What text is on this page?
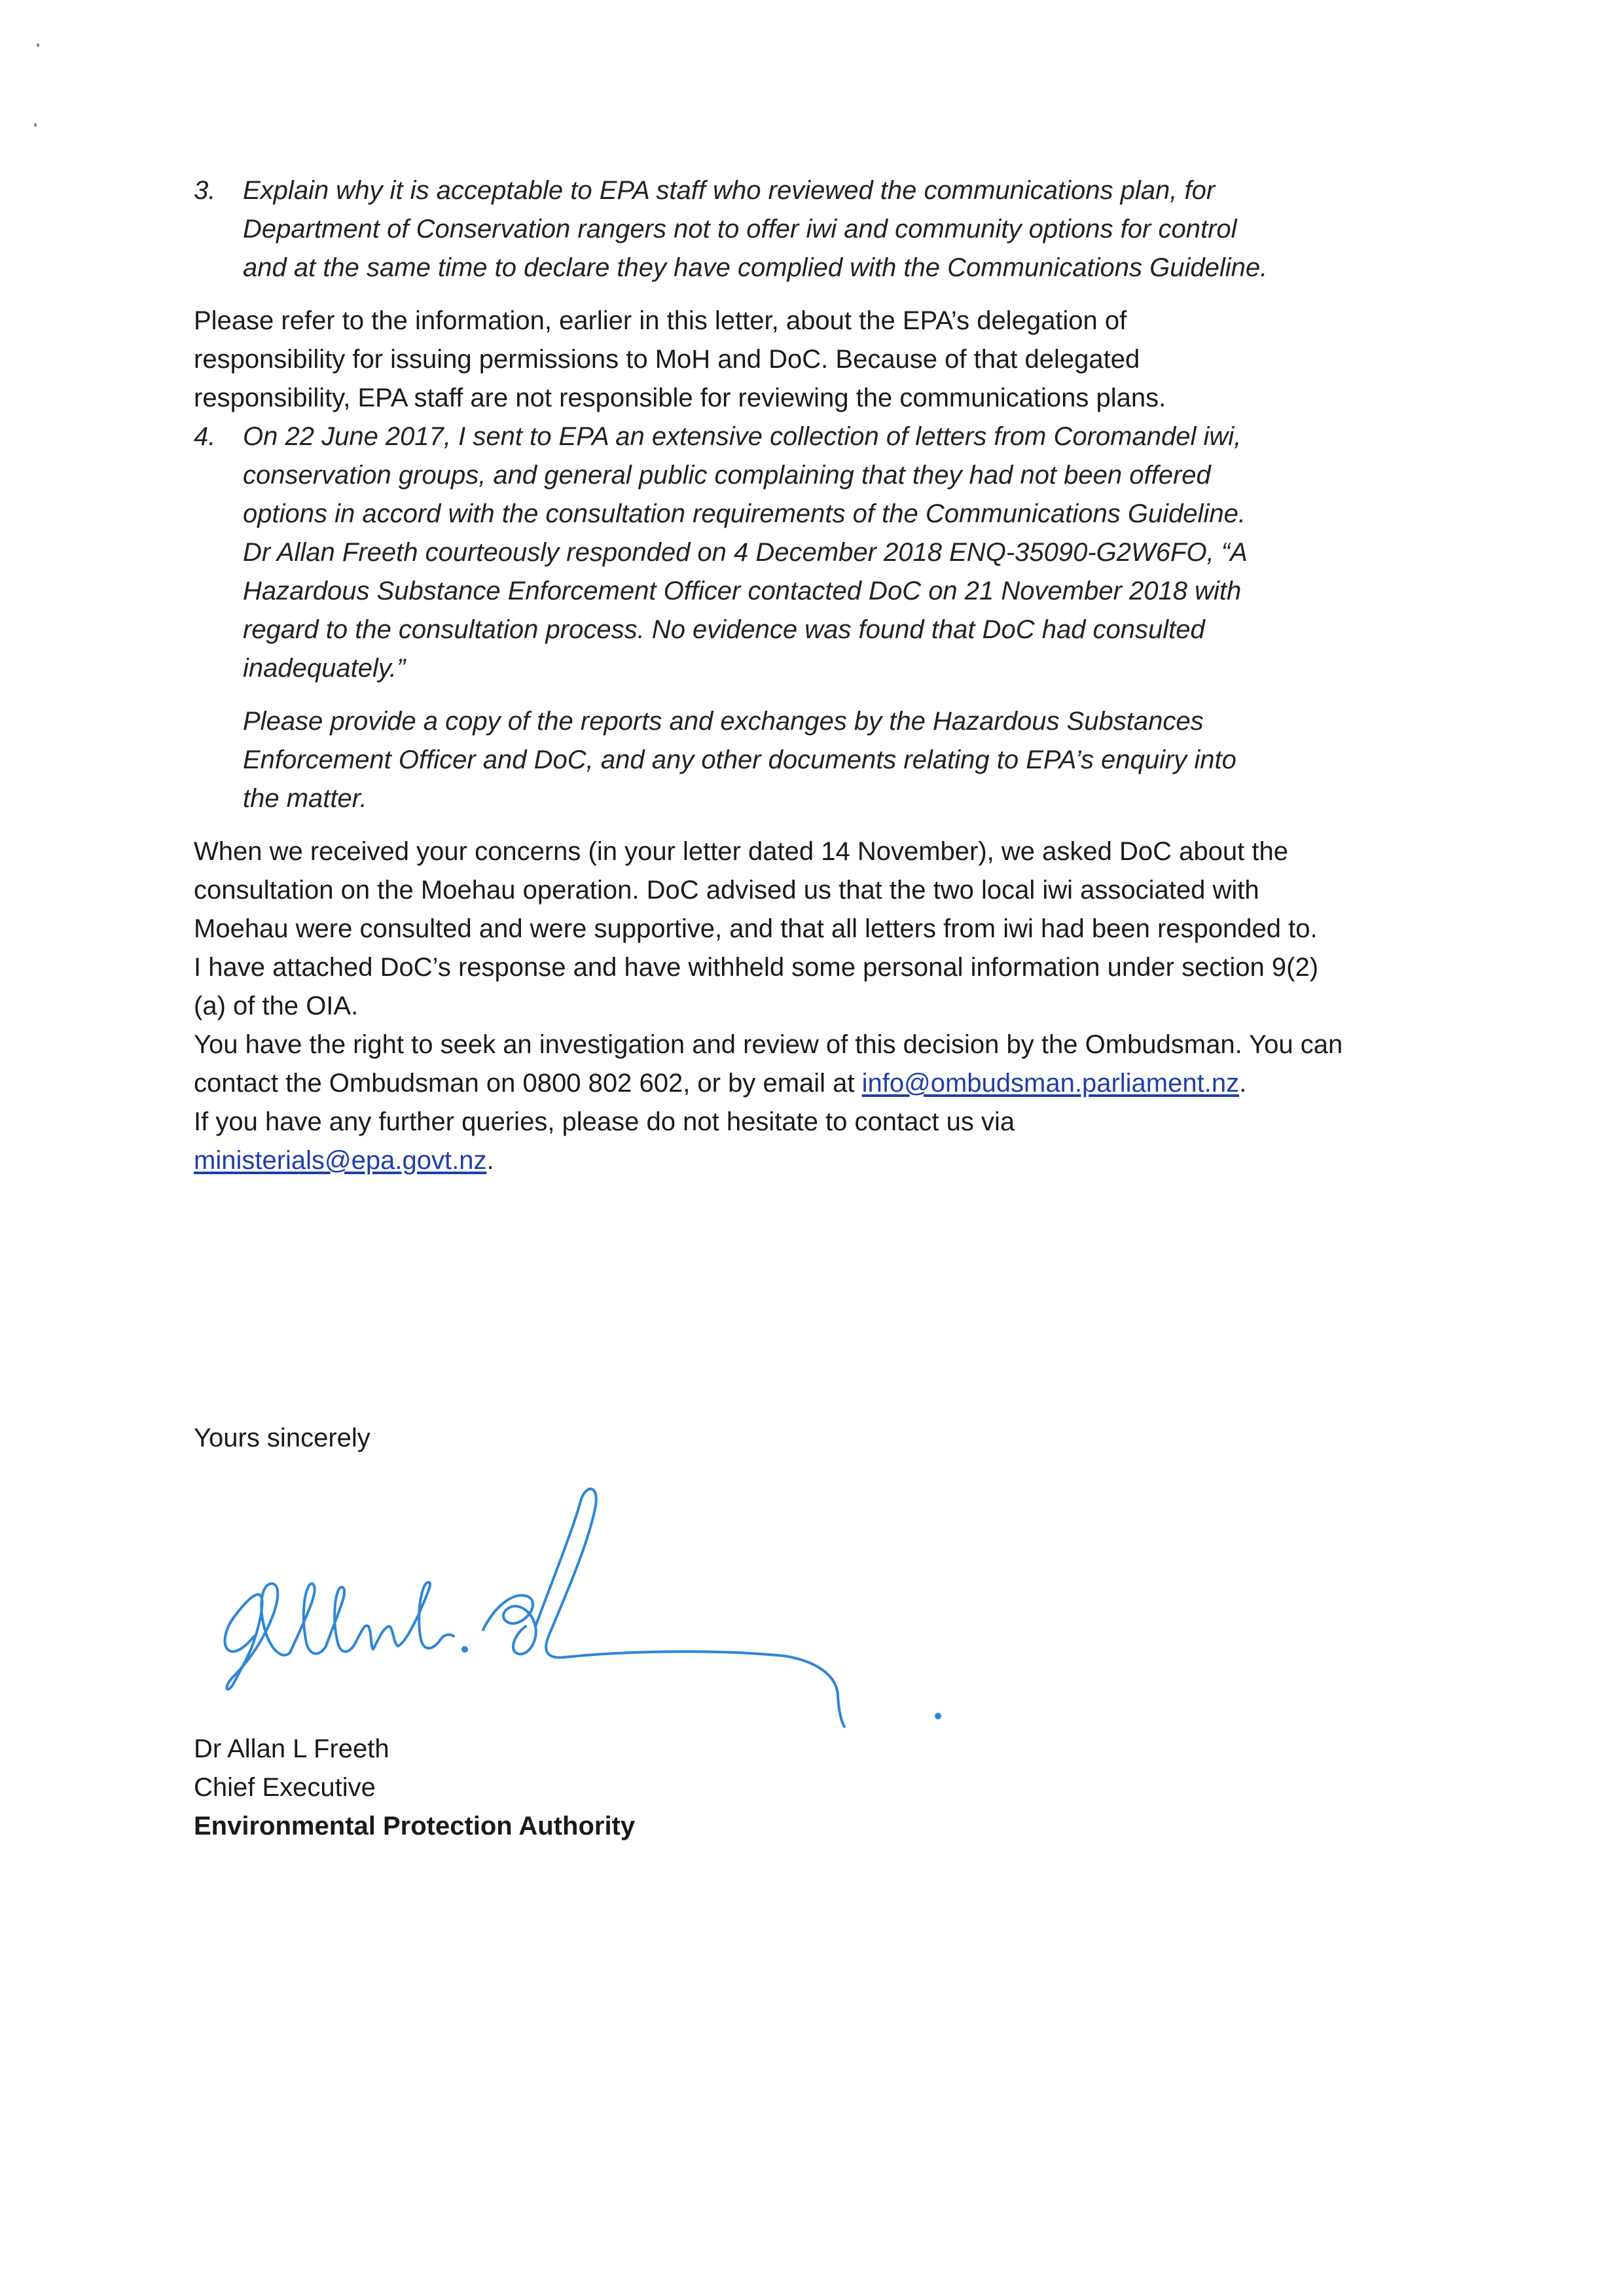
3. Explain why it is acceptable to EPA staff who reviewed the communications plan, for Department of Conservation rangers not to offer iwi and community options for control and at the same time to declare they have complied with the Communications Guideline.

Please refer to the information, earlier in this letter, about the EPA’s delegation of responsibility for issuing permissions to MoH and DoC. Because of that delegated responsibility, EPA staff are not responsible for reviewing the communications plans.

4. On 22 June 2017, I sent to EPA an extensive collection of letters from Coromandel iwi, conservation groups, and general public complaining that they had not been offered options in accord with the consultation requirements of the Communications Guideline. Dr Allan Freeth courteously responded on 4 December 2018 ENQ-35090-G2W6FO, “A Hazardous Substance Enforcement Officer contacted DoC on 21 November 2018 with regard to the consultation process. No evidence was found that DoC had consulted inadequately.”

Please provide a copy of the reports and exchanges by the Hazardous Substances Enforcement Officer and DoC, and any other documents relating to EPA’s enquiry into the matter.

When we received your concerns (in your letter dated 14 November), we asked DoC about the consultation on the Moehau operation. DoC advised us that the two local iwi associated with Moehau were consulted and were supportive, and that all letters from iwi had been responded to.

I have attached DoC’s response and have withheld some personal information under section 9(2)(a) of the OIA.

You have the right to seek an investigation and review of this decision by the Ombudsman. You can contact the Ombudsman on 0800 802 602, or by email at info@ombudsman.parliament.nz.

If you have any further queries, please do not hesitate to contact us via
ministerials@epa.govt.nz.

Yours sincerely
Dr Allan L Freeth
Chief Executive
Environmental Protection Authority
